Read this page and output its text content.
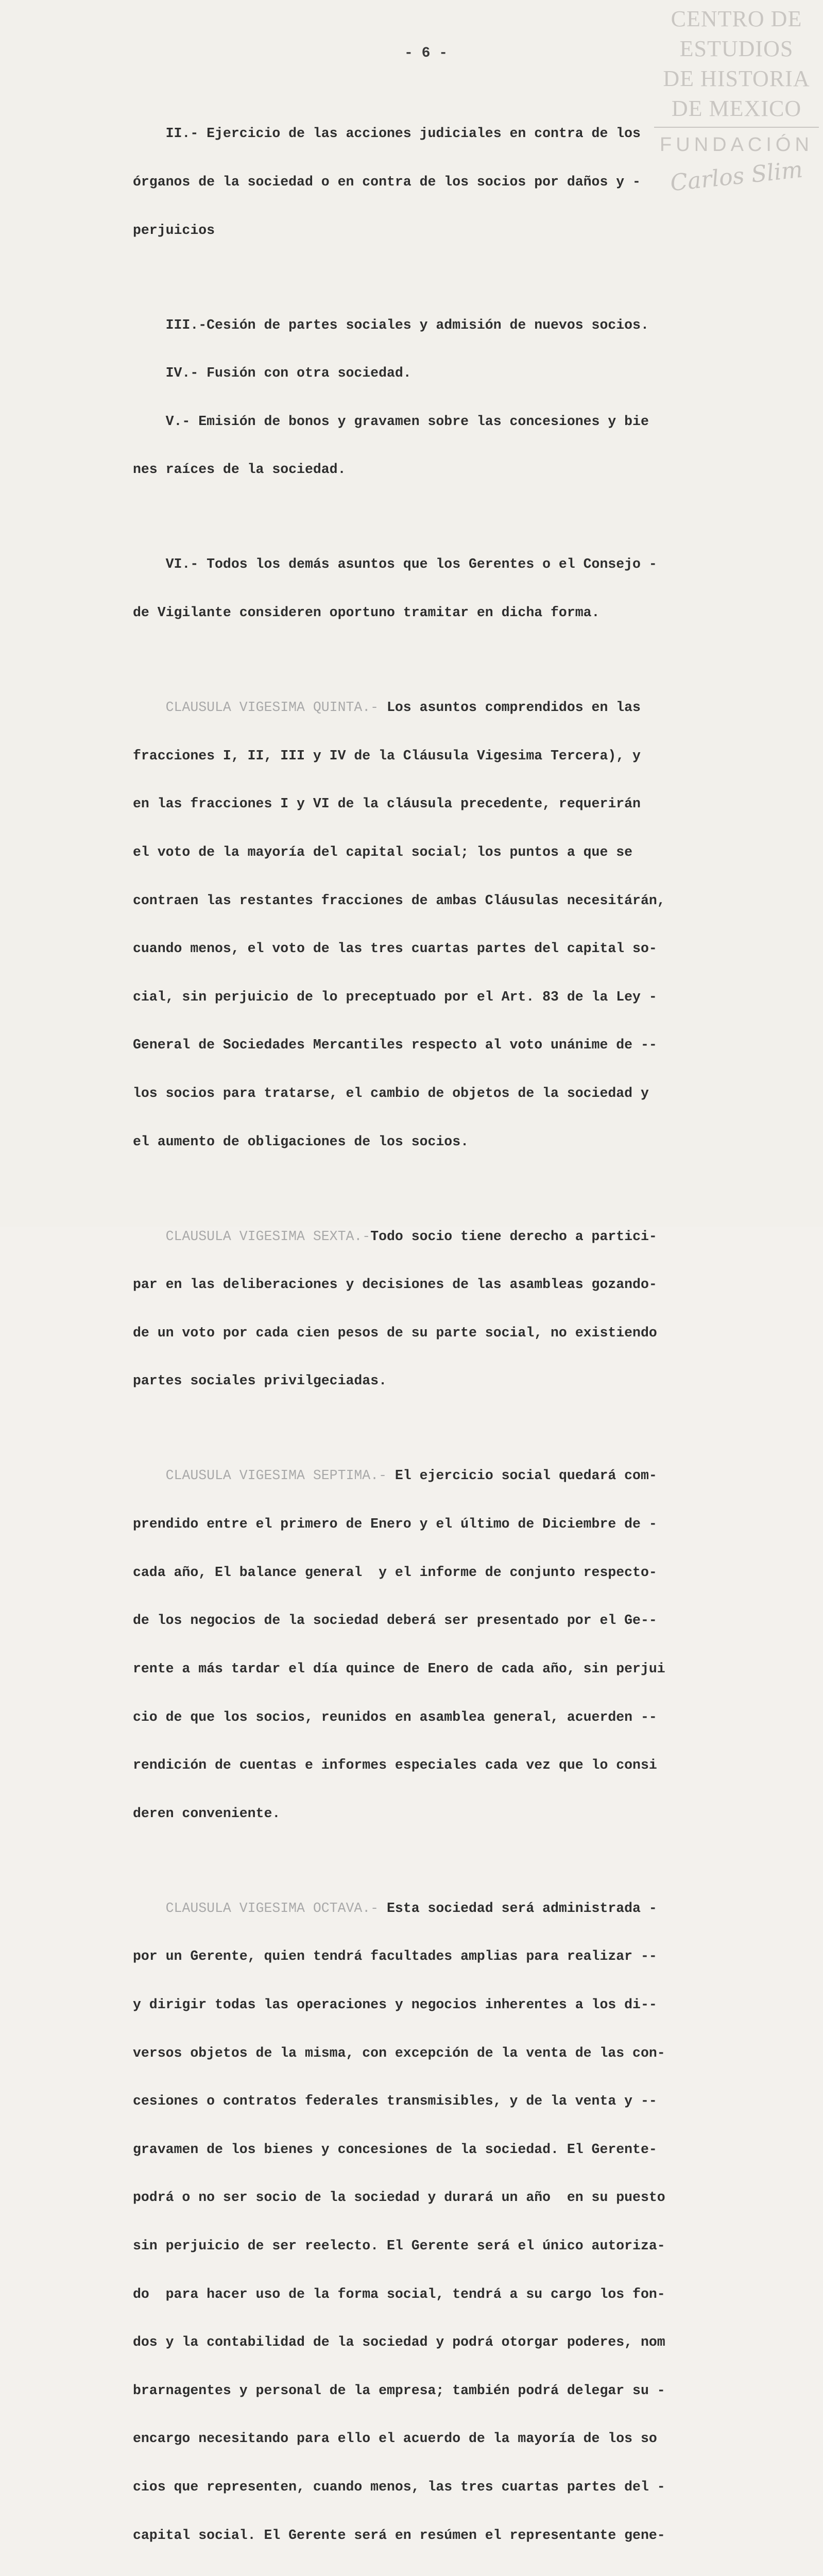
CENTRO DE
ESTUDIOS
DE HISTORIA
DE MEXICO
FUNDACIÓN
Carlos Slim
- 6 -

II.- Ejercicio de las acciones judiciales en contra de los

órganos de la sociedad o en contra de los socios por daños y -

perjuicios

III.-Cesión de partes sociales y admisión de nuevos socios.

IV.- Fusión con otra sociedad.

V.- Emisión de bonos y gravamen sobre las concesiones y bie

nes raíces de la sociedad.

VI.- Todos los demás asuntos que los Gerentes o el Consejo -

de Vigilante consideren oportuno tramitar en dicha forma.

CLAUSULA VIGESIMA QUINTA.- Los asuntos comprendidos en las

fracciones I, II, III y IV de la Cláusula Vigesima Tercera), y

en las fracciones I y VI de la cláusula precedente, requerirán

el voto de la mayoría del capital social; los puntos a que se

contraen las restantes fracciones de ambas Cláusulas necesitárán,

cuando menos, el voto de las tres cuartas partes del capital so-

cial, sin perjuicio de lo preceptuado por el Art. 83 de la Ley -

General de Sociedades Mercantiles respecto al voto unánime de --

los socios para tratarse, el cambio de objetos de la sociedad y

el aumento de obligaciones de los socios.

CLAUSULA VIGESIMA SEXTA.-Todo socio tiene derecho a partici-

par en las deliberaciones y decisiones de las asambleas gozando-

de un voto por cada cien pesos de su parte social, no existiendo

partes sociales privilgeciadas.

CLAUSULA VIGESIMA SEPTIMA.- El ejercicio social quedará com-

prendido entre el primero de Enero y el último de Diciembre de -

cada año, El balance general  y el informe de conjunto respecto-

de los negocios de la sociedad deberá ser presentado por el Ge--

rente a más tardar el día quince de Enero de cada año, sin perjui

cio de que los socios, reunidos en asamblea general, acuerden --

rendición de cuentas e informes especiales cada vez que lo consi

deren conveniente.

CLAUSULA VIGESIMA OCTAVA.- Esta sociedad será administrada -

por un Gerente, quien tendrá facultades amplias para realizar --

y dirigir todas las operaciones y negocios inherentes a los di--

versos objetos de la misma, con excepción de la venta de las con-

cesiones o contratos federales transmisibles, y de la venta y --

gravamen de los bienes y concesiones de la sociedad. El Gerente-

podrá o no ser socio de la sociedad y durará un año  en su puesto

sin perjuicio de ser reelecto. El Gerente será el único autoriza-

do  para hacer uso de la forma social, tendrá a su cargo los fon-

dos y la contabilidad de la sociedad y podrá otorgar poderes, nom

brarnagentes y personal de la empresa; también podrá delegar su -

encargo necesitando para ello el acuerdo de la mayoría de los so

cios que representen, cuando menos, las tres cuartas partes del -

capital social. El Gerente será en resúmen el representante gene-
